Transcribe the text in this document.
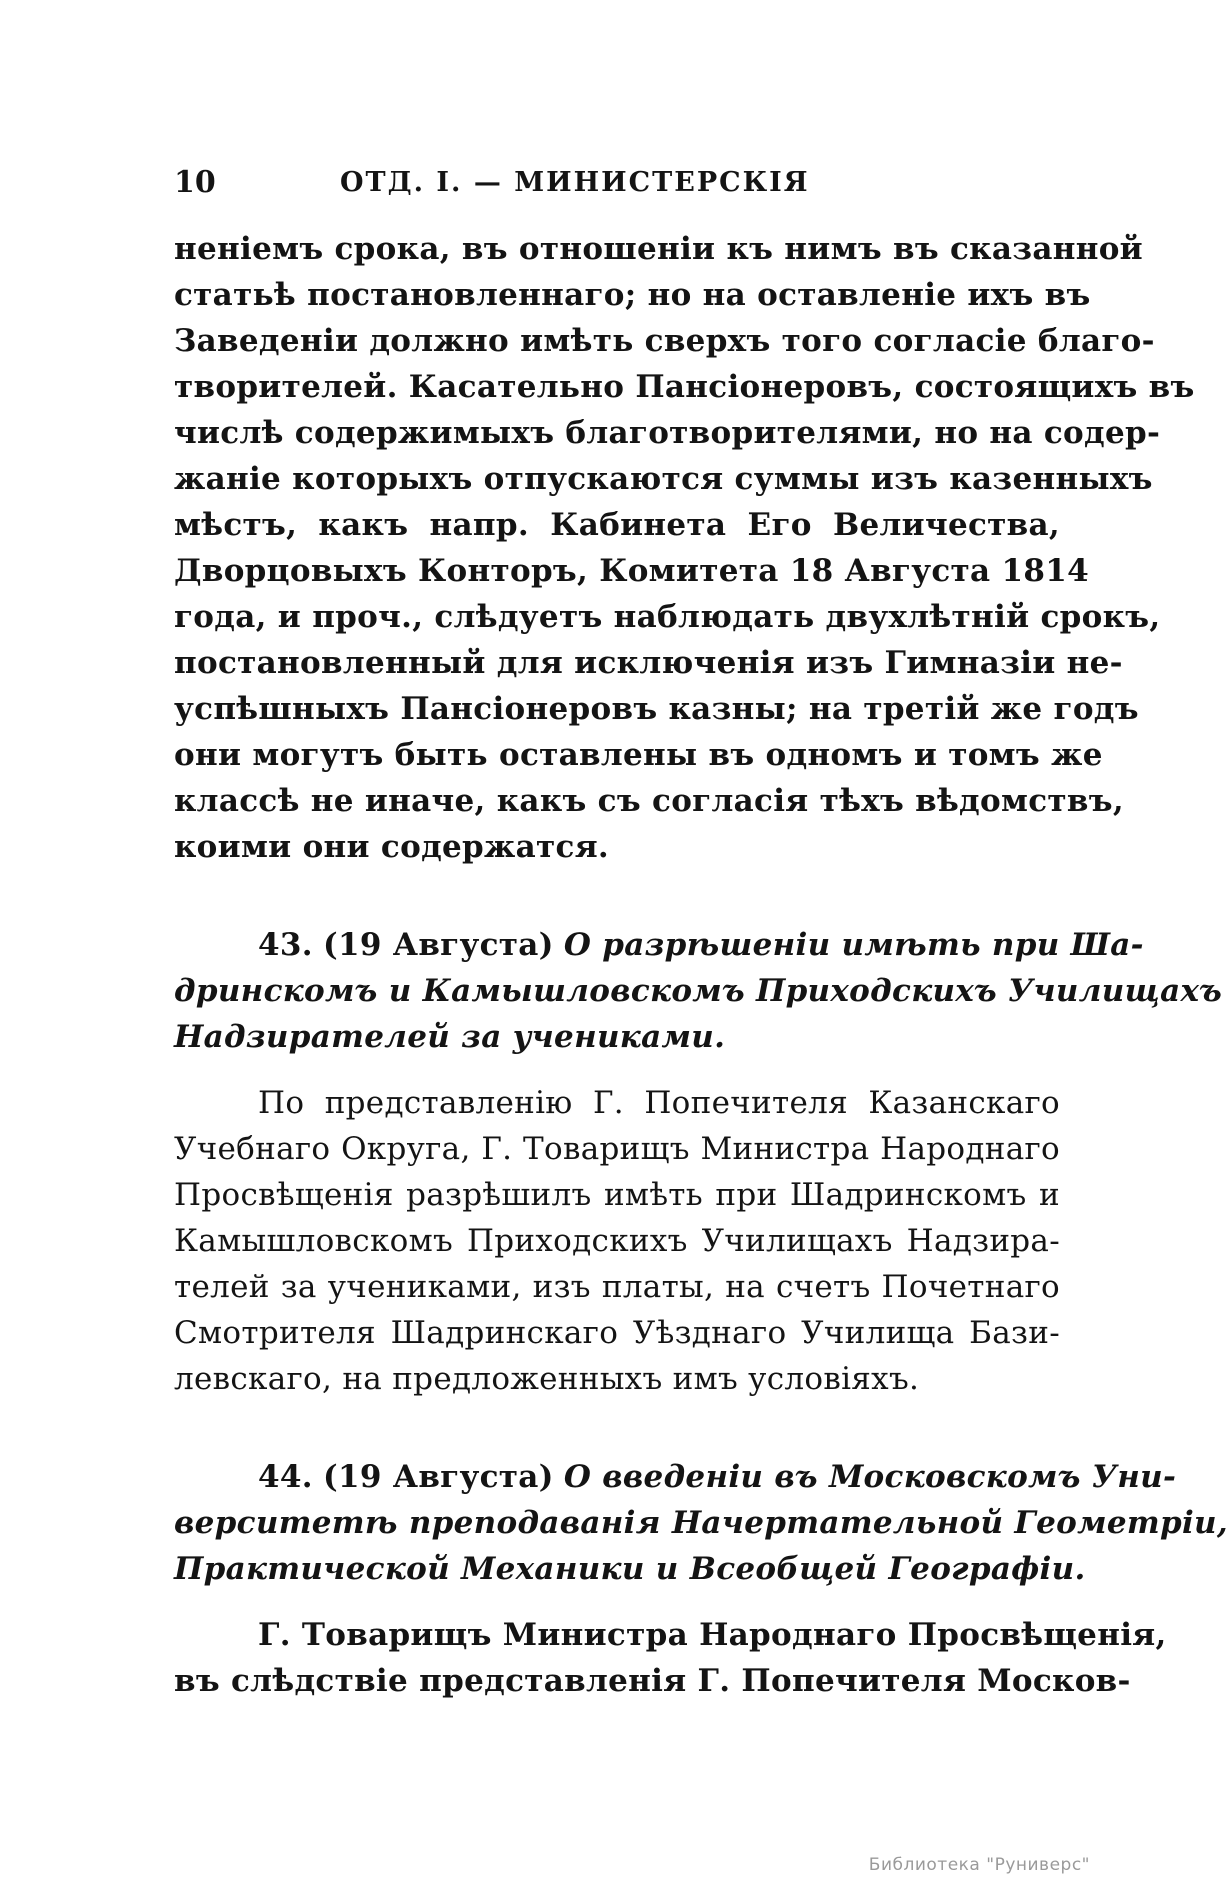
10	ОТД. I. — МИНИСТЕРСКІЯ
неніемъ срока, въ отношеніи къ нимъ въ сказанной
статьѣ постановленнаго; но на оставленіе ихъ въ
Заведеніи должно имѣть сверхъ того согласіе благо-
творителей. Касательно Пансіонеровъ, состоящихъ въ
числѣ содержимыхъ благотворителями, но на содер-
жаніе которыхъ отпускаются суммы изъ казенныхъ
мѣстъ, какъ напр. Кабинета Его Величества,
Дворцовыхъ Конторъ, Комитета 18 Августа 1814
года, и проч., слѣдуетъ наблюдать двухлѣтній срокъ,
постановленный для исключенія изъ Гимназіи не-
успѣшныхъ Пансіонеровъ казны; на третій же годъ
они могутъ быть оставлены въ одномъ и томъ же
классѣ не иначе, какъ съ согласія тѣхъ вѣдомствъ,
коими они содержатся.
43. (19 Августа) О разрѣшеніи имѣть при Ша-
дринскомъ и Камышловскомъ Приходскихъ Училищахъ
Надзирателей за учениками.
По представленію Г. Попечителя Казанскаго
Учебнаго Округа, Г. Товарищъ Министра Народнаго
Просвѣщенія разрѣшилъ имѣть при Шадринскомъ и
Камышловскомъ Приходскихъ Училищахъ Надзира-
телей за учениками, изъ платы, на счетъ Почетнаго
Смотрителя Шадринскаго Уѣзднаго Училища Бази-
левскаго, на предложенныхъ имъ условіяхъ.
44. (19 Августа) О введеніи въ Московскомъ Уни-
верситетѣ преподаванія Начертательной Геометріи,
Практической Механики и Всеобщей Географіи.
Г. Товарищъ Министра Народнаго Просвѣщенія,
въ слѣдствіе представленія Г. Попечителя Москов-
Библиотека "Руниверс"
